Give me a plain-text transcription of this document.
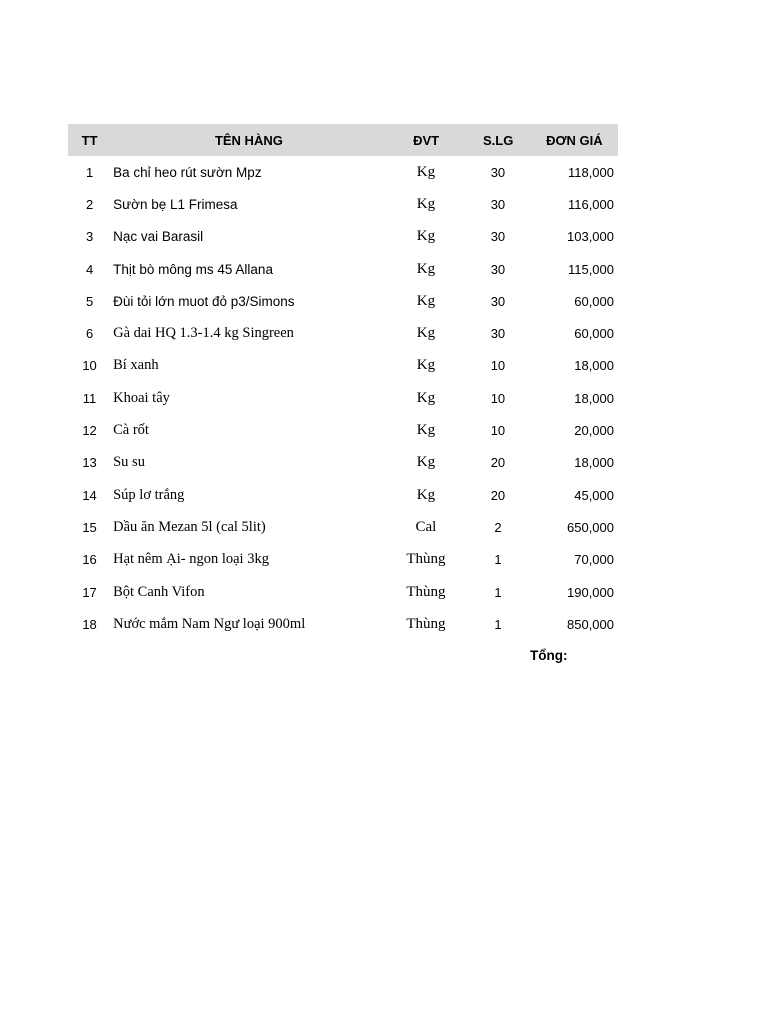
TT	TÊN HÀNG	ĐVT	S.LG	ĐƠN GIÁ
1	Ba chỉ heo rút sườn Mpz	Kg	30	118,000
2	Sườn bẹ L1 Frimesa	Kg	30	116,000
3	Nạc vai Barasil	Kg	30	103,000
4	Thịt bò mông ms 45 Allana	Kg	30	115,000
5	Đùi tỏi lớn muot đỏ p3/Simons	Kg	30	60,000
6	Gà dai HQ 1.3-1.4 kg Singreen	Kg	30	60,000
10	Bí xanh	Kg	10	18,000
11	Khoai tây	Kg	10	18,000
12	Cà rốt	Kg	10	20,000
13	Su su	Kg	20	18,000
14	Súp lơ trắng	Kg	20	45,000
15	Dầu ăn Mezan 5l (cal 5lit)	Cal	2	650,000
16	Hạt nêm Ại- ngon loại 3kg	Thùng	1	70,000
17	Bột Canh Vifon	Thùng	1	190,000
18	Nước mắm Nam Ngư loại 900ml	Thùng	1	850,000
Tổng:
